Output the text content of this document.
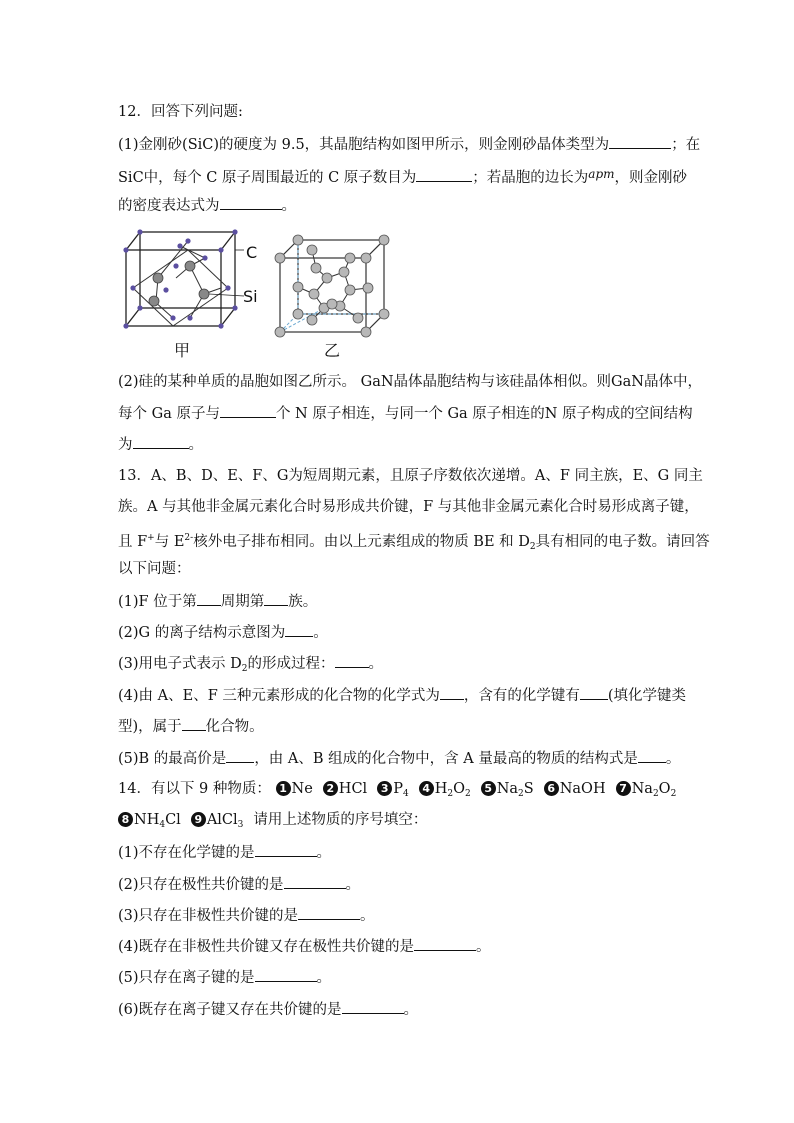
12．回答下列问题:
(1)金刚砂(SiC)的硬度为 9.5，其晶胞结构如图甲所示，则金刚砂晶体类型为	；在
SiC中，每个 C 原子周围最近的 C 原子数目为	；若晶胞的边长为$^{apm}$，则金刚砂
的密度表达式为	。
C
Si
甲	乙
(2)硅的某种单质的晶胞如图乙所示。 GaN晶体晶胞结构与该硅晶体相似。则GaN晶体中，
每个 Ga 原子与	个 N 原子相连，与同一个 Ga 原子相连的N 原子构成的空间结构
为	。
13．A、B、D、E、F、G为短周期元素，且原子序数依次递增。A、F 同主族，E、G 同主
族。A 与其他非金属元素化合时易形成共价键，F 与其他非金属元素化合时易形成离子键，
且 F+与 $E^{2-}$核外电子排布相同。由以上元素组成的物质 BE 和 $D_2$具有相同的电子数。请回答
以下问题：
(1)F 位于第 周期第 族。
(2)G 的离子结构示意图为 。
(3)用电子式表示 $D_2$的形成过程： 。
(4)由 A、E、F 三种元素形成的化合物的化学式为 ，含有的化学键有 (填化学键类
型)，属于 化合物。
(5)B 的最高价是 ，由 A、B 组成的化合物中，含 A 量最高的物质的结构式是 。
14．有以下 9 种物质： 1 Ne 2 HCl 3 $P_4$ 4 $H_2O_2$ 5 $Na_2S$ 6 NaOH 7 $Na_2O_2$
8 $NH_4Cl$ 9 AlCl$_3$ 请用上述物质的序号填空：
(1)不存在化学键的是	。
(2)只存在极性共价键的是	。
(3)只存在非极性共价键的是	。
(4)既存在非极性共价键又存在极性共价键的是	。
(5)只存在离子键的是	。
(6)既存在离子键又存在共价键的是	。
